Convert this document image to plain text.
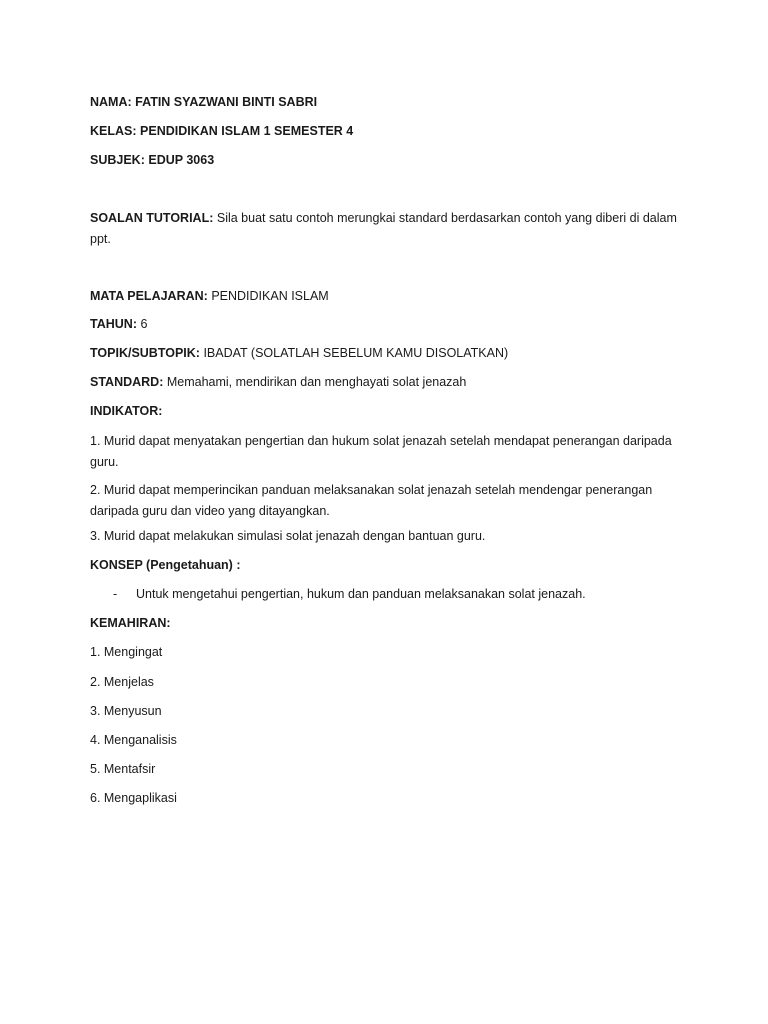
NAMA: FATIN SYAZWANI BINTI SABRI
KELAS: PENDIDIKAN ISLAM 1 SEMESTER 4
SUBJEK: EDUP 3063
SOALAN TUTORIAL: Sila buat satu contoh merungkai standard berdasarkan contoh yang diberi di dalam ppt.
MATA PELAJARAN: PENDIDIKAN ISLAM
TAHUN: 6
TOPIK/SUBTOPIK: IBADAT (SOLATLAH SEBELUM KAMU DISOLATKAN)
STANDARD: Memahami, mendirikan dan menghayati solat jenazah
INDIKATOR:
1. Murid dapat menyatakan pengertian dan hukum solat jenazah setelah mendapat penerangan daripada guru.
2. Murid dapat memperincikan panduan melaksanakan solat jenazah setelah mendengar penerangan daripada guru dan video yang ditayangkan.
3. Murid dapat melakukan simulasi solat jenazah dengan bantuan guru.
KONSEP (Pengetahuan) :
- Untuk mengetahui pengertian, hukum dan panduan melaksanakan solat jenazah.
KEMAHIRAN:
1. Mengingat
2. Menjelas
3. Menyusun
4. Menganalisis
5. Mentafsir
6. Mengaplikasi
